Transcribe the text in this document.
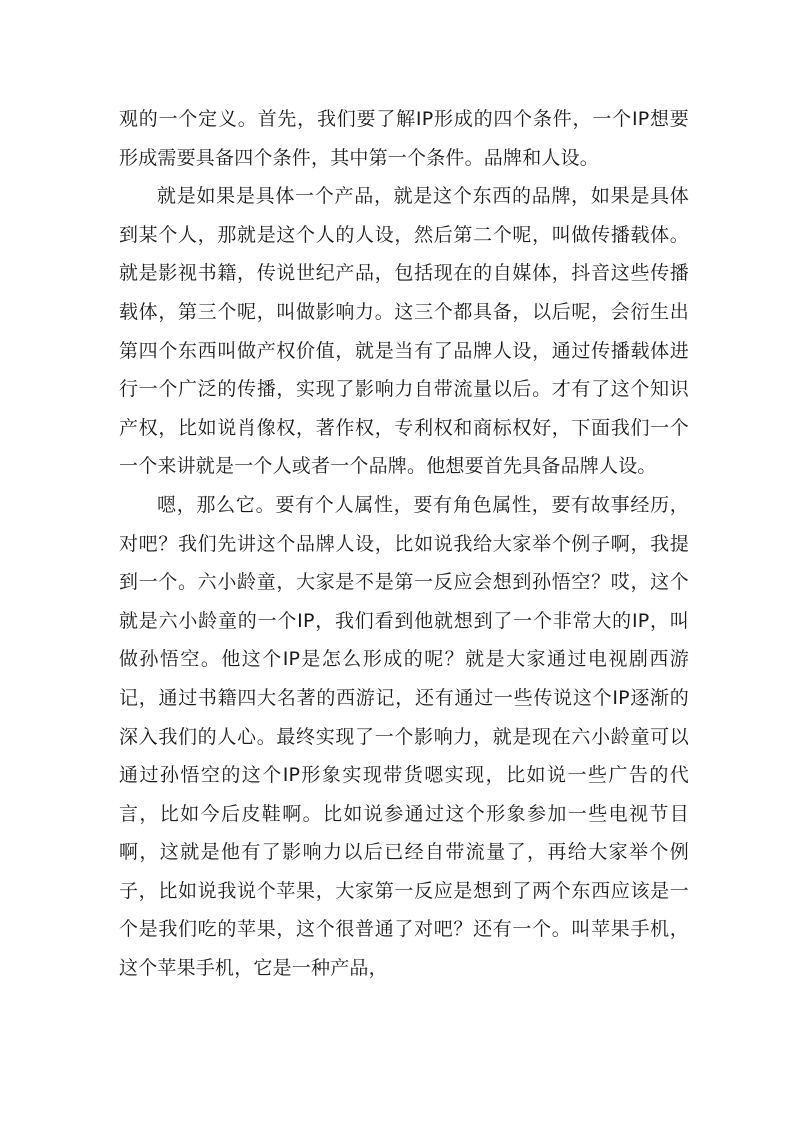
观的一个定义。首先，我们要了解IP形成的四个条件，一个IP想要形成需要具备四个条件，其中第一个条件。品牌和人设。

就是如果是具体一个产品，就是这个东西的品牌，如果是具体到某个人，那就是这个人的人设，然后第二个呢，叫做传播载体。就是影视书籍，传说世纪产品，包括现在的自媒体，抖音这些传播载体，第三个呢，叫做影响力。这三个都具备，以后呢，会衍生出第四个东西叫做产权价值，就是当有了品牌人设，通过传播载体进行一个广泛的传播，实现了影响力自带流量以后。才有了这个知识产权，比如说肖像权，著作权，专利权和商标权好，下面我们一个一个来讲就是一个人或者一个品牌。他想要首先具备品牌人设。

嗯，那么它。要有个人属性，要有角色属性，要有故事经历，对吧？我们先讲这个品牌人设，比如说我给大家举个例子啊，我提到一个。六小龄童，大家是不是第一反应会想到孙悟空？哎，这个就是六小龄童的一个IP，我们看到他就想到了一个非常大的IP，叫做孙悟空。他这个IP是怎么形成的呢？就是大家通过电视剧西游记，通过书籍四大名著的西游记，还有通过一些传说这个IP逐渐的深入我们的人心。最终实现了一个影响力，就是现在六小龄童可以通过孙悟空的这个IP形象实现带货嗯实现，比如说一些广告的代言，比如今后皮鞋啊。比如说参通过这个形象参加一些电视节目啊，这就是他有了影响力以后已经自带流量了，再给大家举个例子，比如说我说个苹果，大家第一反应是想到了两个东西应该是一个是我们吃的苹果，这个很普通了对吧？还有一个。叫苹果手机，这个苹果手机，它是一种产品，
